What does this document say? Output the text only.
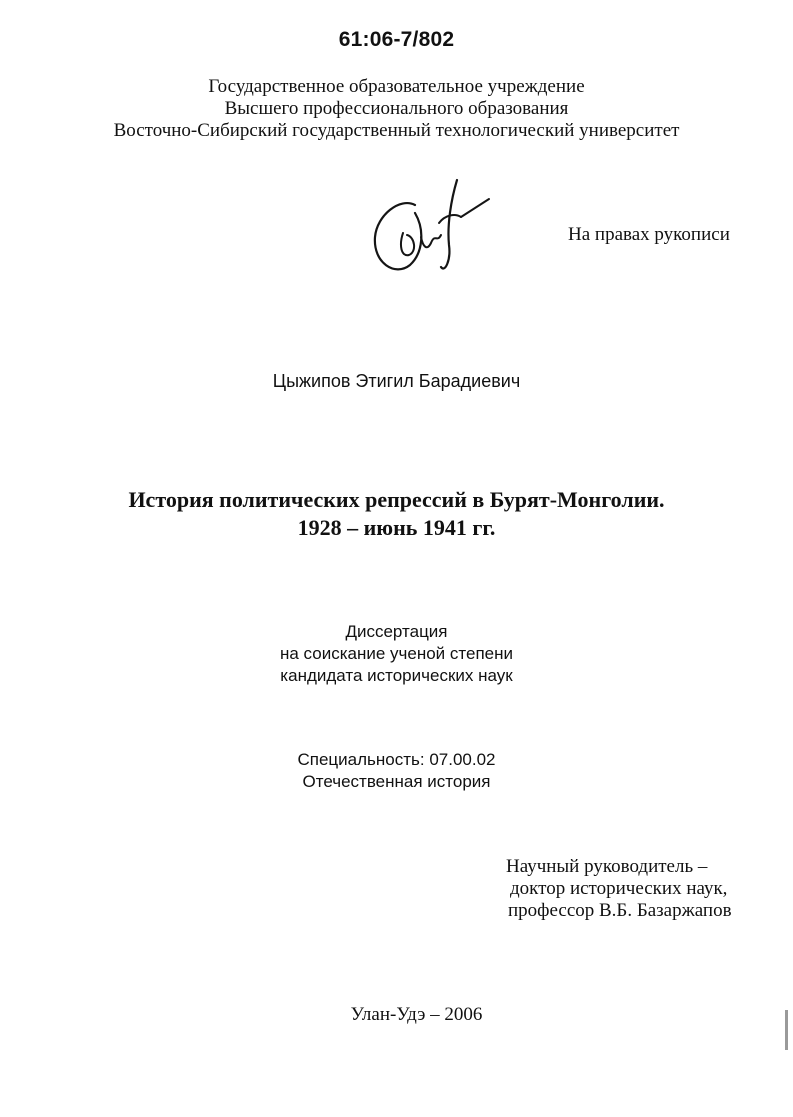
61:06-7/802
Государственное образовательное учреждение
Высшего профессионального образования
Восточно-Сибирский государственный технологический университет
На правах рукописи
Цыжипов Этигил Барадиевич
История политических репрессий в Бурят-Монголии.
1928 – июнь 1941 гг.
Диссертация
на соискание ученой степени
кандидата исторических наук
Специальность: 07.00.02
Отечественная история
Научный руководитель –
доктор исторических наук,
профессор В.Б. Базаржапов
Улан-Удэ – 2006
